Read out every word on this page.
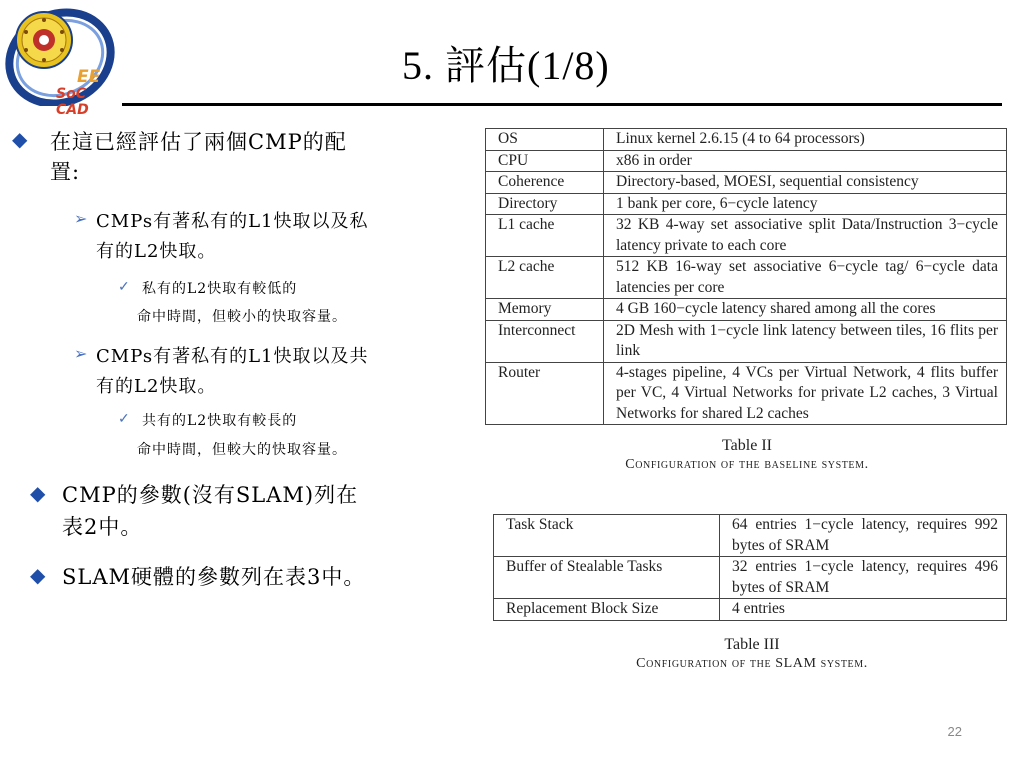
EE
SoC CAD
5. 評估(1/8)
◆ 在這已經評估了兩個CMP的配
置:
➢ CMPs有著私有的L1快取以及私
有的L2快取。
✓ 私有的L2快取有較低的
命中時間，但較小的快取容量。
➢ CMPs有著私有的L1快取以及共
有的L2快取。
✓ 共有的L2快取有較長的
命中時間，但較大的快取容量。
◆ CMP的參數(沒有SLAM)列在
表2中。
◆ SLAM硬體的參數列在表3中。
OS	Linux kernel 2.6.15 (4 to 64 processors)
CPU	x86 in order
Coherence	Directory-based, MOESI, sequential consistency
Directory	1 bank per core, 6−cycle latency
L1 cache	32 KB 4-way set associative split Data/Instruction 3−cycle latency private to each core
L2 cache	512 KB 16-way set associative 6−cycle tag/ 6−cycle data latencies per core
Memory	4 GB 160−cycle latency shared among all the cores
Interconnect	2D Mesh with 1−cycle link latency between tiles, 16 flits per link
Router	4-stages pipeline, 4 VCs per Virtual Network, 4 flits buffer per VC, 4 Virtual Networks for private L2 caches, 3 Virtual Networks for shared L2 caches
Table II
Configuration of the baseline system.
Task Stack	64 entries 1−cycle latency, requires 992 bytes of SRAM
Buffer of Stealable Tasks	32 entries 1−cycle latency, requires 496 bytes of SRAM
Replacement Block Size	4 entries
Table III
Configuration of the SLAM system.
22
